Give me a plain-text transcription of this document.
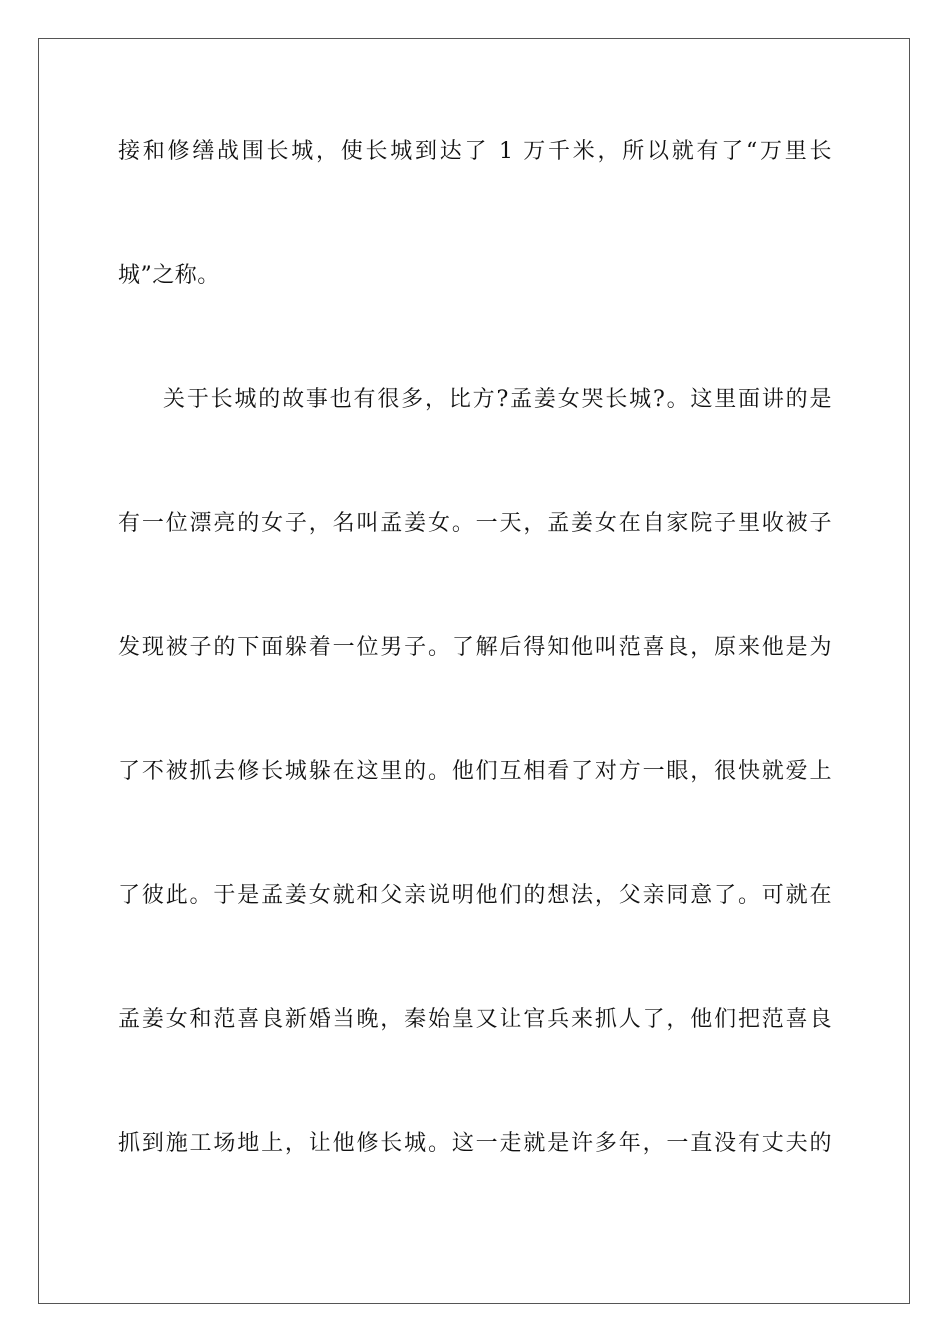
接和修缮战围长城，使长城到达了 1 万千米，所以就有了“万里长
城”之称。
关于长城的故事也有很多，比方?孟姜女哭长城?。这里面讲的是
有一位漂亮的女子，名叫孟姜女。一天，孟姜女在自家院子里收被子
发现被子的下面躲着一位男子。了解后得知他叫范喜良，原来他是为
了不被抓去修长城躲在这里的。他们互相看了对方一眼，很快就爱上
了彼此。于是孟姜女就和父亲说明他们的想法，父亲同意了。可就在
孟姜女和范喜良新婚当晚，秦始皇又让官兵来抓人了，他们把范喜良
抓到施工场地上，让他修长城。这一走就是许多年，一直没有丈夫的
